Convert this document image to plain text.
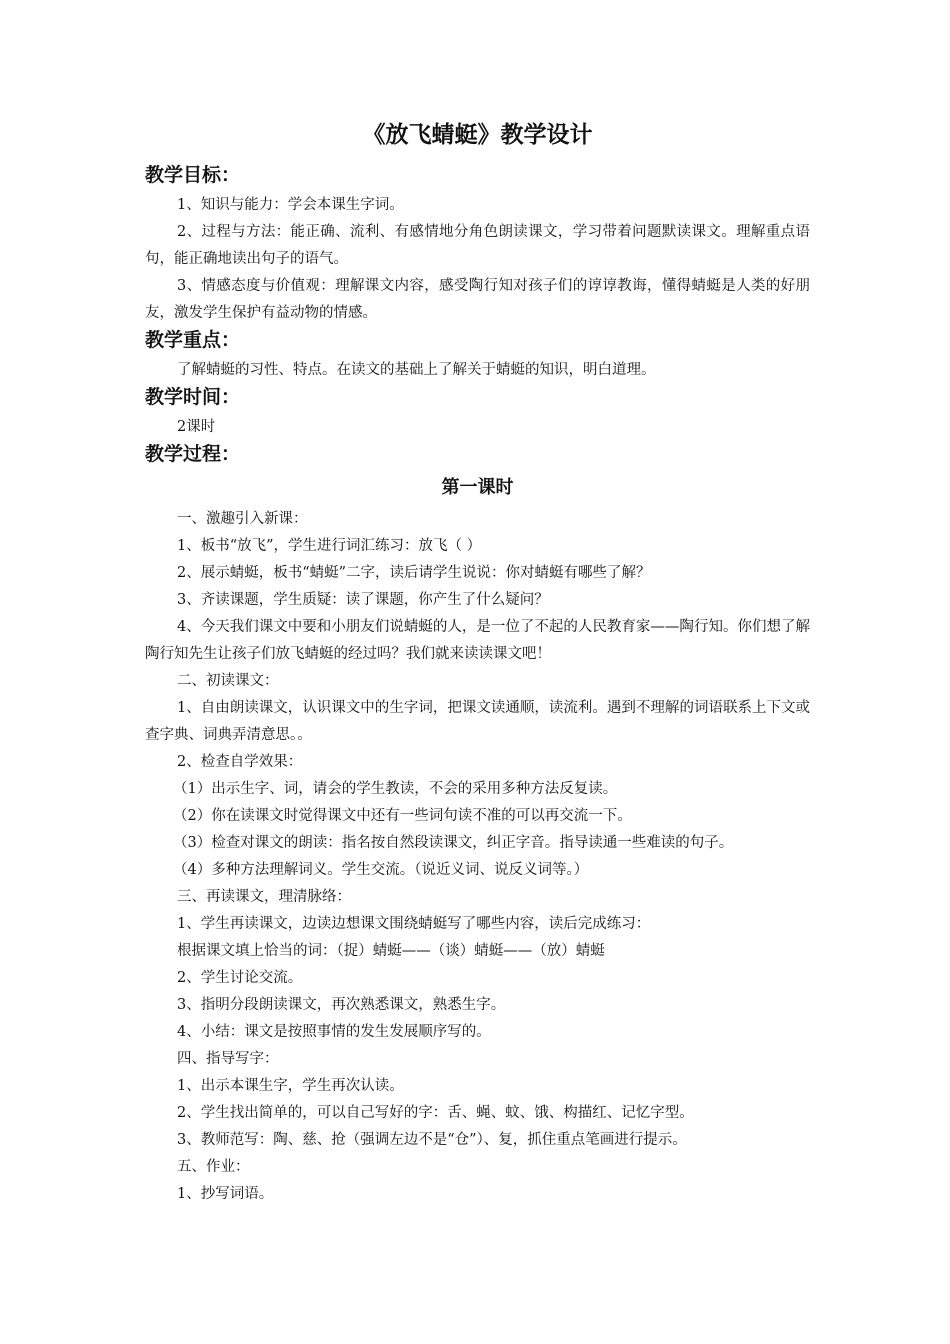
《放飞蜻蜓》教学设计
教学目标：

1、知识与能力：学会本课生字词。

2、过程与方法：能正确、流利、有感情地分角色朗读课文，学习带着问题默读课文。理解重点语句，能正确地读出句子的语气。

3、情感态度与价值观：理解课文内容，感受陶行知对孩子们的谆谆教诲，懂得蜻蜓是人类的好朋友，激发学生保护有益动物的情感。

教学重点：

了解蜻蜓的习性、特点。在读文的基础上了解关于蜻蜓的知识，明白道理。

教学时间：

2课时

教学过程：
第一课时

一、激趣引入新课：

1、板书“放飞”，学生进行词汇练习：放飞（ ）

2、展示蜻蜓，板书“蜻蜓”二字，读后请学生说说：你对蜻蜓有哪些了解？

3、齐读课题，学生质疑：读了课题，你产生了什么疑问？

4、今天我们课文中要和小朋友们说蜻蜓的人，是一位了不起的人民教育家——陶行知。你们想了解陶行知先生让孩子们放飞蜻蜓的经过吗？我们就来读读课文吧！

二、初读课文：

1、自由朗读课文，认识课文中的生字词，把课文读通顺，读流利。遇到不理解的词语联系上下文或查字典、词典弄清意思。。

2、检查自学效果：

（1）出示生字、词，请会的学生教读，不会的采用多种方法反复读。

（2）你在读课文时觉得课文中还有一些词句读不准的可以再交流一下。

（3）检查对课文的朗读：指名按自然段读课文，纠正字音。指导读通一些难读的句子。

（4）多种方法理解词义。学生交流。（说近义词、说反义词等。）

三、再读课文，理清脉络：

1、学生再读课文，边读边想课文围绕蜻蜓写了哪些内容，读后完成练习：

根据课文填上恰当的词：（捉）蜻蜓——（谈）蜻蜓——（放）蜻蜓

2、学生讨论交流。

3、指明分段朗读课文，再次熟悉课文，熟悉生字。

4、小结：课文是按照事情的发生发展顺序写的。

四、指导写字：

1、出示本课生字，学生再次认读。

2、学生找出简单的，可以自己写好的字：舌、蝇、蚊、饿、构描红、记忆字型。

3、教师范写：陶、慈、抢（强调左边不是“仓”）、复，抓住重点笔画进行提示。

五、作业：

1、抄写词语。
